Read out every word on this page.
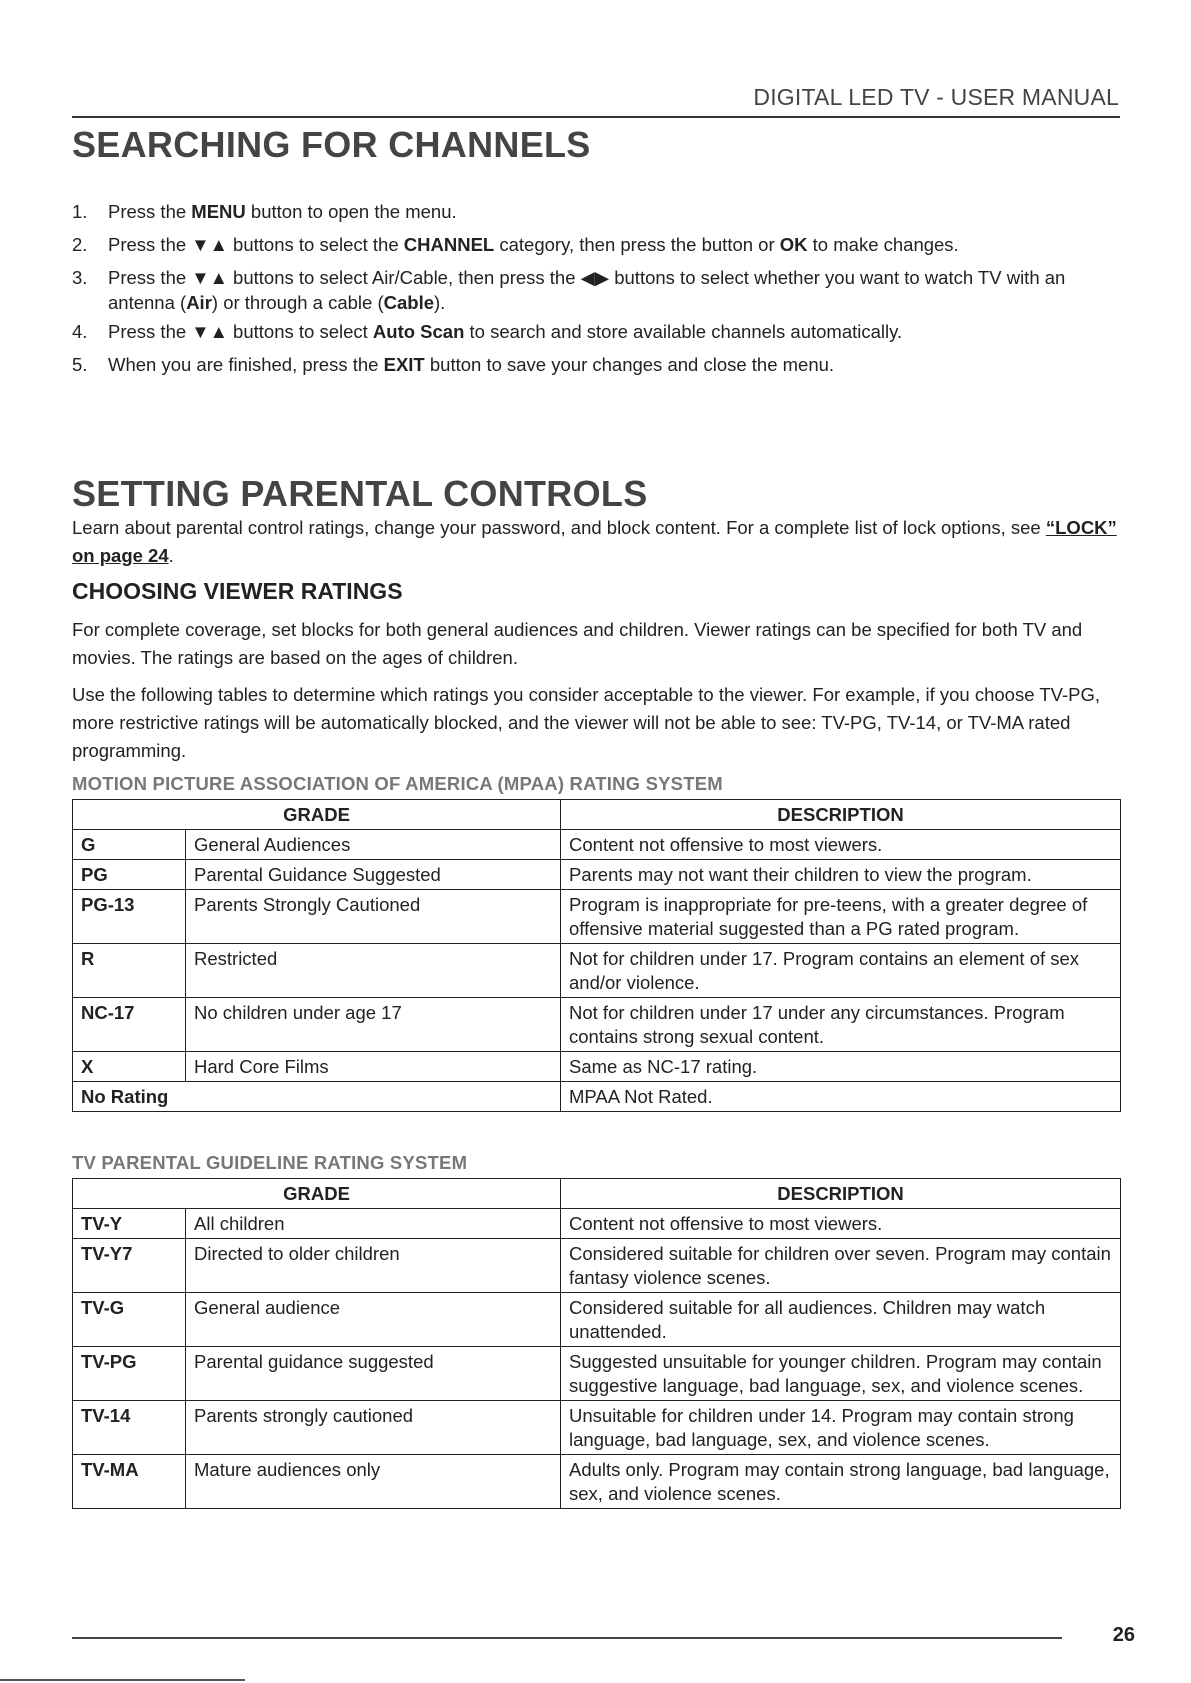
DIGITAL LED TV - USER MANUAL
SEARCHING FOR CHANNELS
1. Press the MENU button to open the menu.
2. Press the ▼▲ buttons to select the CHANNEL category, then press the button or OK to make changes.
3. Press the ▼▲ buttons to select Air/Cable, then press the ◀▶ buttons to select whether you want to watch TV with an antenna (Air) or through a cable (Cable).
4. Press the ▼▲ buttons to select Auto Scan to search and store available channels automatically.
5. When you are finished, press the EXIT button to save your changes and close the menu.
SETTING PARENTAL CONTROLS

Learn about parental control ratings, change your password, and block content. For a complete list of lock options, see “LOCK” on page 24.

CHOOSING VIEWER RATINGS

For complete coverage, set blocks for both general audiences and children. Viewer ratings can be specified for both TV and movies. The ratings are based on the ages of children.

Use the following tables to determine which ratings you consider acceptable to the viewer. For example, if you choose TV-PG, more restrictive ratings will be automatically blocked, and the viewer will not be able to see: TV-PG, TV-14, or TV-MA rated programming.

MOTION PICTURE ASSOCIATION OF AMERICA (MPAA) RATING SYSTEM
GRADE		DESCRIPTION
G	General Audiences	Content not offensive to most viewers.
PG	Parental Guidance Suggested	Parents may not want their children to view the program.
PG-13	Parents Strongly Cautioned	Program is inappropriate for pre-teens, with a greater degree of offensive material suggested than a PG rated program.
R	Restricted	Not for children under 17. Program contains an element of sex and/or violence.
NC-17	No children under age 17	Not for children under 17 under any circumstances. Program contains strong sexual content.
X	Hard Core Films	Same as NC-17 rating.
No Rating		MPAA Not Rated.
TV PARENTAL GUIDELINE RATING SYSTEM
GRADE		DESCRIPTION
TV-Y	All children	Content not offensive to most viewers.
TV-Y7	Directed to older children	Considered suitable for children over seven. Program may contain fantasy violence scenes.
TV-G	General audience	Considered suitable for all audiences. Children may watch unattended.
TV-PG	Parental guidance suggested	Suggested unsuitable for younger children. Program may contain suggestive language, bad language, sex, and violence scenes.
TV-14	Parents strongly cautioned	Unsuitable for children under 14. Program may contain strong language, bad language, sex, and violence scenes.
TV-MA	Mature audiences only	Adults only. Program may contain strong language, bad language, sex, and violence scenes.
26
